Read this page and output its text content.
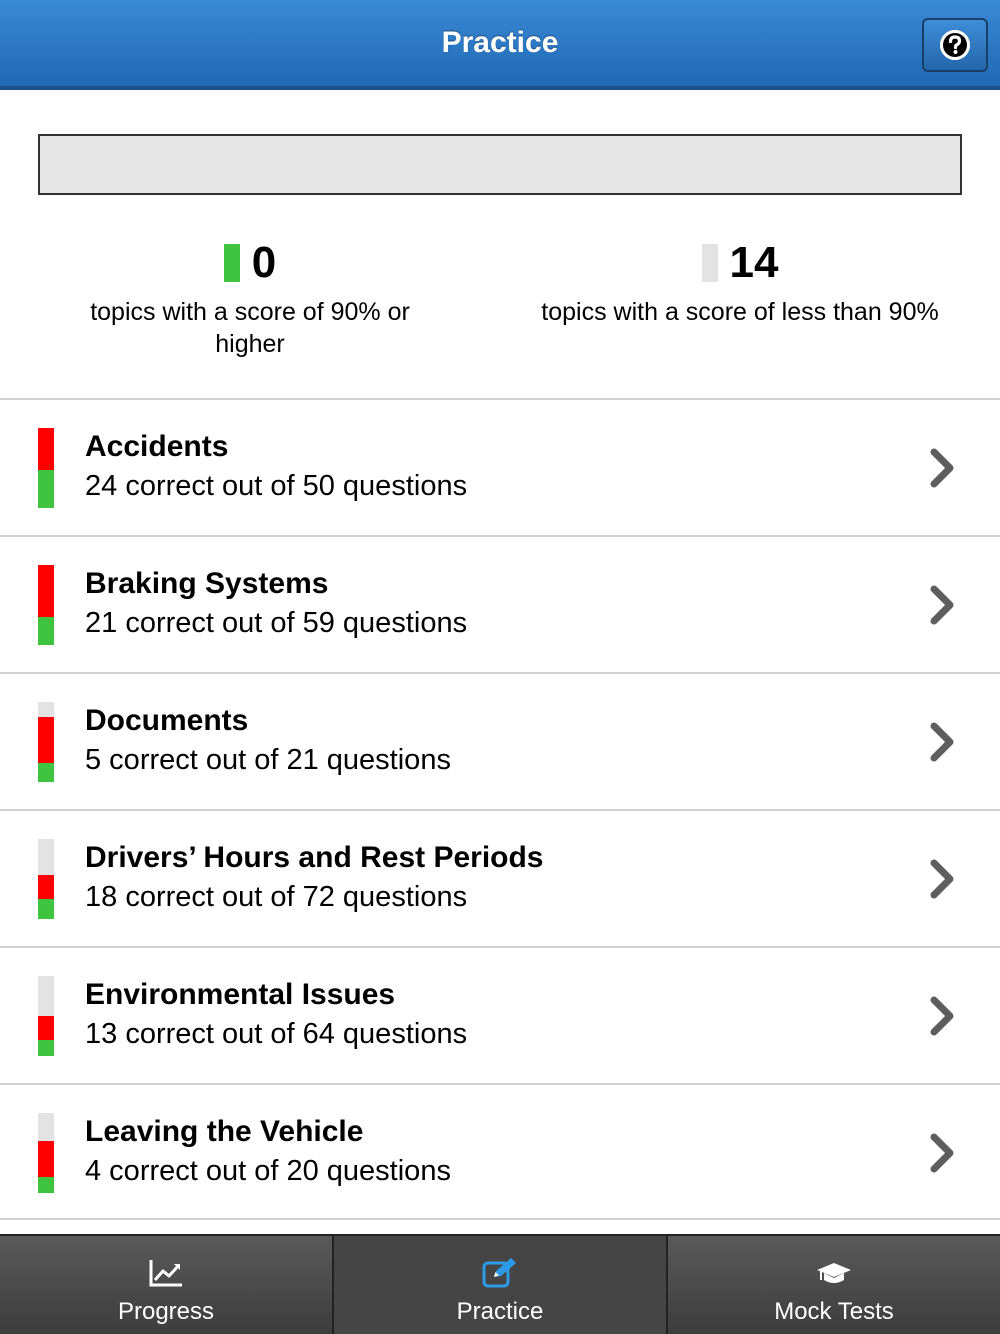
Practice
0
topics with a score of 90% or higher
14
topics with a score of less than 90%
Accidents
24 correct out of 50 questions
Braking Systems
21 correct out of 59 questions
Documents
5 correct out of 21 questions
Drivers’ Hours and Rest Periods
18 correct out of 72 questions
Environmental Issues
13 correct out of 64 questions
Leaving the Vehicle
4 correct out of 20 questions
Progress	Practice	Mock Tests
